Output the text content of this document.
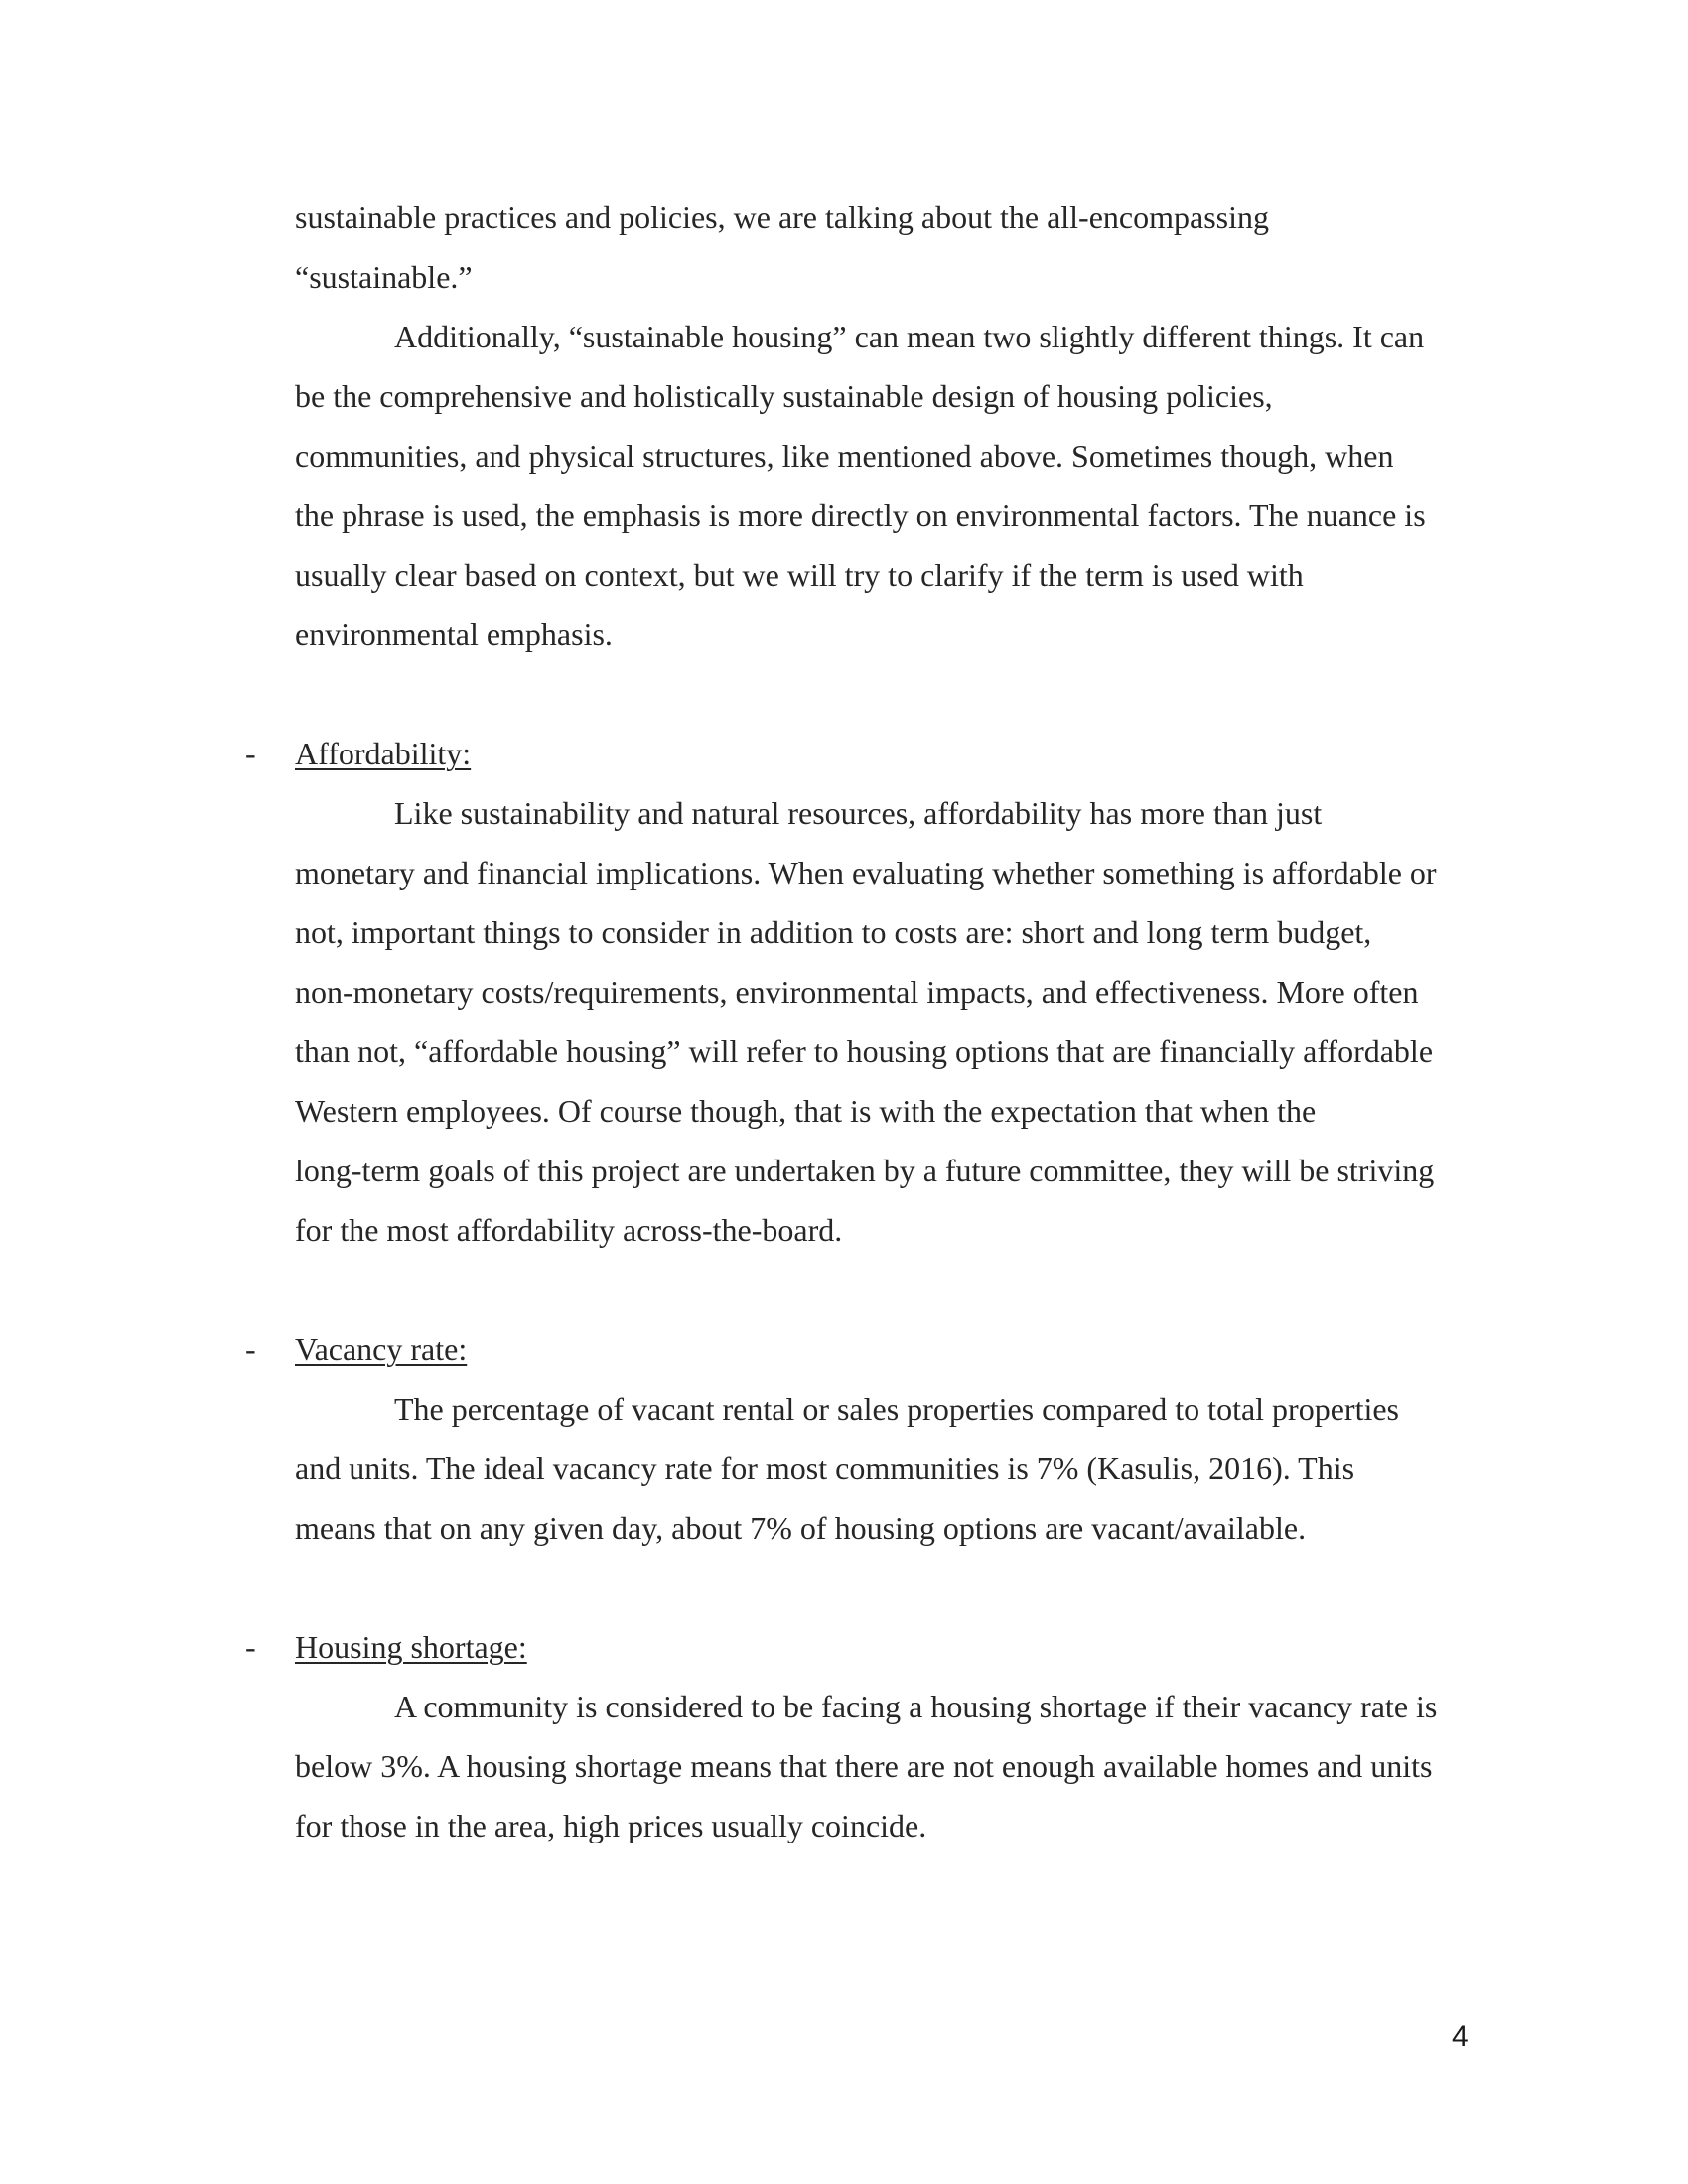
sustainable practices and policies, we are talking about the all-encompassing
“sustainable.”
Additionally, “sustainable housing” can mean two slightly different things. It can
be the comprehensive and holistically sustainable design of housing policies,
communities, and physical structures, like mentioned above. Sometimes though, when
the phrase is used, the emphasis is more directly on environmental factors. The nuance is
usually clear based on context, but we will try to clarify if the term is used with
environmental emphasis.
- Affordability:
Like sustainability and natural resources, affordability has more than just
monetary and financial implications. When evaluating whether something is affordable or
not, important things to consider in addition to costs are: short and long term budget,
non-monetary costs/requirements, environmental impacts, and effectiveness. More often
than not, “affordable housing” will refer to housing options that are financially affordable
Western employees. Of course though, that is with the expectation that when the
long-term goals of this project are undertaken by a future committee, they will be striving
for the most affordability across-the-board.
- Vacancy rate:
The percentage of vacant rental or sales properties compared to total properties
and units. The ideal vacancy rate for most communities is 7% (Kasulis, 2016). This
means that on any given day, about 7% of housing options are vacant/available.
- Housing shortage:
A community is considered to be facing a housing shortage if their vacancy rate is
below 3%. A housing shortage means that there are not enough available homes and units
for those in the area, high prices usually coincide.
4
